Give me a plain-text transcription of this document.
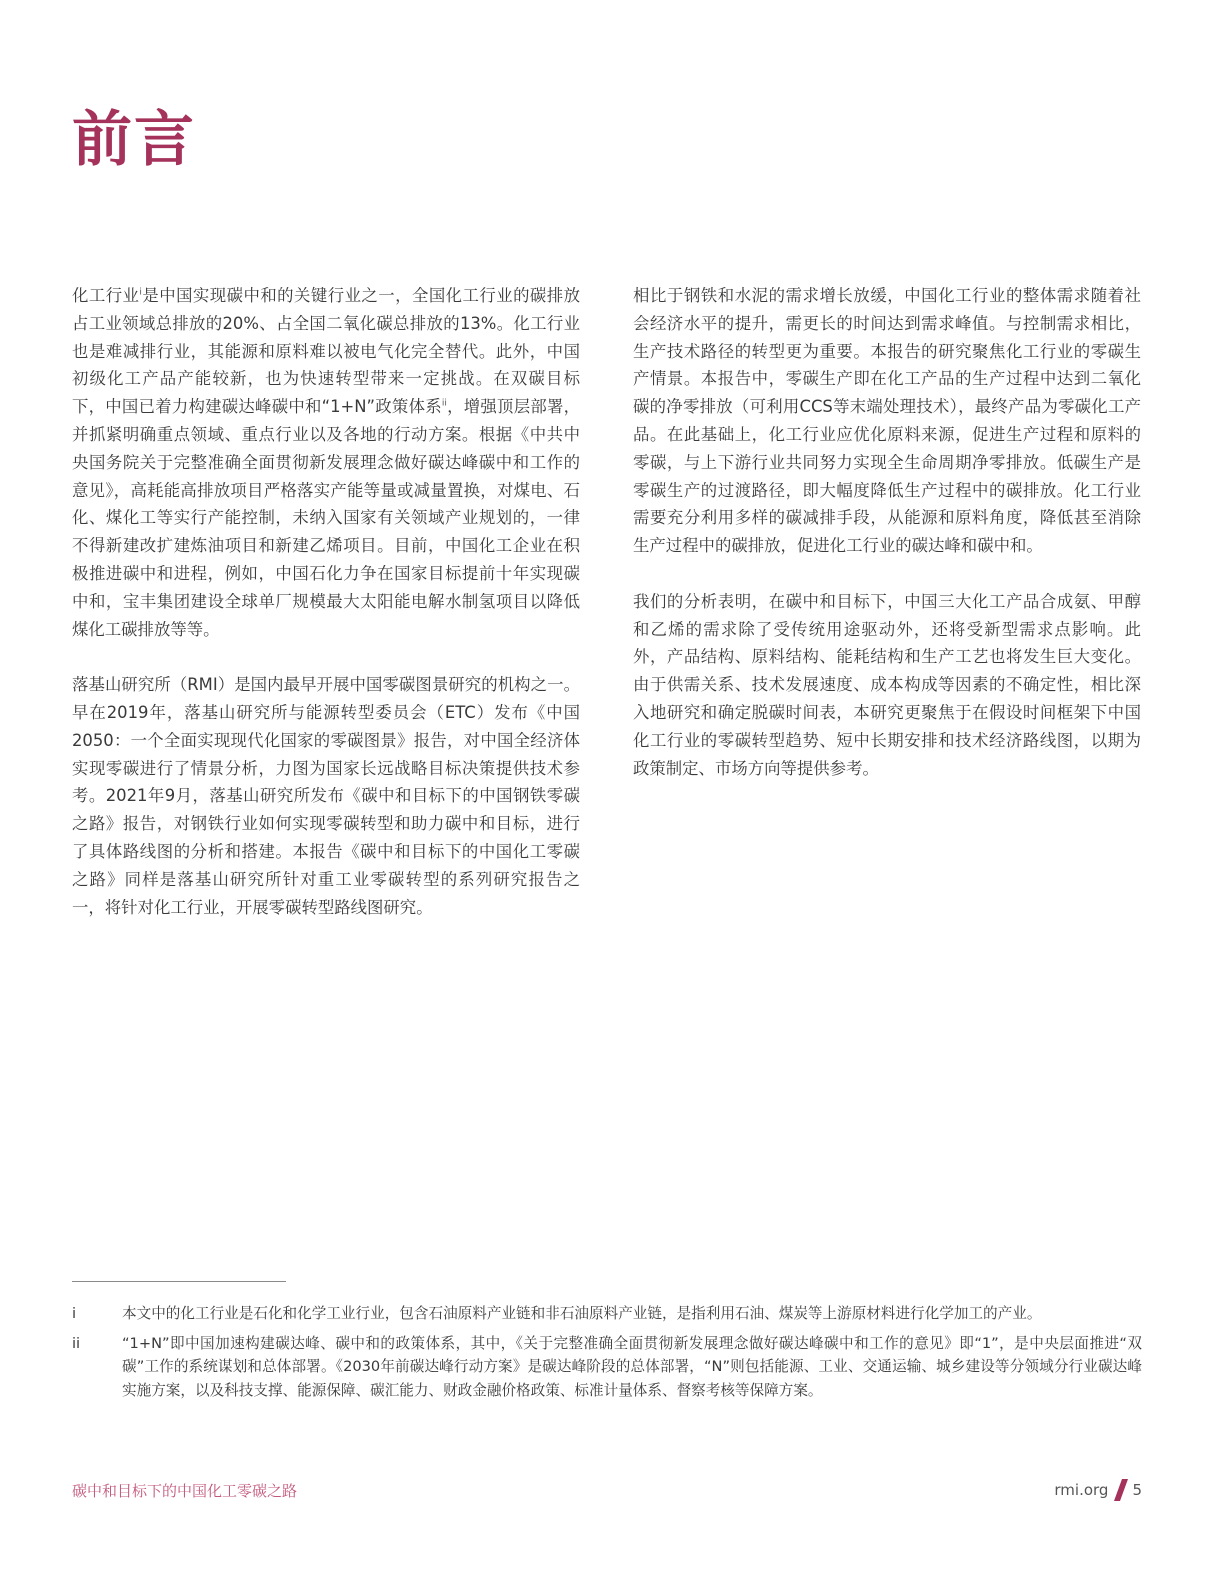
前言

化工行业$^i$是中国实现碳中和的关键行业之一，全国化工行业的碳排放占工业领域总排放的20%、占全国二氧化碳总排放的13%。化工行业也是难减排行业，其能源和原料难以被电气化完全替代。此外，中国初级化工产品产能较新，也为快速转型带来一定挑战。在双碳目标下，中国已着力构建碳达峰碳中和“1+N”政策体系$^{ii}$，增强顶层部署，并抓紧明确重点领域、重点行业以及各地的行动方案。根据《中共中央国务院关于完整准确全面贯彻新发展理念做好碳达峰碳中和工作的意见》，高耗能高排放项目严格落实产能等量或减量置换，对煤电、石化、煤化工等实行产能控制，未纳入国家有关领域产业规划的，一律不得新建改扩建炼油项目和新建乙烯项目。目前，中国化工企业在积极推进碳中和进程，例如，中国石化力争在国家目标提前十年实现碳中和，宝丰集团建设全球单厂规模最大太阳能电解水制氢项目以降低煤化工碳排放等等。

落基山研究所（RMI）是国内最早开展中国零碳图景研究的机构之一。早在2019年，落基山研究所与能源转型委员会（ETC）发布《中国2050：一个全面实现现代化国家的零碳图景》报告，对中国全经济体实现零碳进行了情景分析，力图为国家长远战略目标决策提供技术参考。2021年9月，落基山研究所发布《碳中和目标下的中国钢铁零碳之路》报告，对钢铁行业如何实现零碳转型和助力碳中和目标，进行了具体路线图的分析和搭建。本报告《碳中和目标下的中国化工零碳之路》同样是落基山研究所针对重工业零碳转型的系列研究报告之一，将针对化工行业，开展零碳转型路线图研究。

相比于钢铁和水泥的需求增长放缓，中国化工行业的整体需求随着社会经济水平的提升，需更长的时间达到需求峰值。与控制需求相比，生产技术路径的转型更为重要。本报告的研究聚焦化工行业的零碳生产情景。本报告中，零碳生产即在化工产品的生产过程中达到二氧化碳的净零排放（可利用CCS等末端处理技术），最终产品为零碳化工产品。在此基础上，化工行业应优化原料来源，促进生产过程和原料的零碳，与上下游行业共同努力实现全生命周期净零排放。低碳生产是零碳生产的过渡路径，即大幅度降低生产过程中的碳排放。化工行业需要充分利用多样的碳减排手段，从能源和原料角度，降低甚至消除生产过程中的碳排放，促进化工行业的碳达峰和碳中和。

我们的分析表明，在碳中和目标下，中国三大化工产品合成氨、甲醇和乙烯的需求除了受传统用途驱动外，还将受新型需求点影响。此外，产品结构、原料结构、能耗结构和生产工艺也将发生巨大变化。由于供需关系、技术发展速度、成本构成等因素的不确定性，相比深入地研究和确定脱碳时间表，本研究更聚焦于在假设时间框架下中国化工行业的零碳转型趋势、短中长期安排和技术经济路线图，以期为政策制定、市场方向等提供参考。

i	本文中的化工行业是石化和化学工业行业，包含石油原料产业链和非石油原料产业链，是指利用石油、煤炭等上游原材料进行化学加工的产业。
ii	“1+N”即中国加速构建碳达峰、碳中和的政策体系，其中，《关于完整准确全面贯彻新发展理念做好碳达峰碳中和工作的意见》即“1”，是中央层面推进“双碳”工作的系统谋划和总体部署。《2030年前碳达峰行动方案》是碳达峰阶段的总体部署，“N”则包括能源、工业、交通运输、城乡建设等分领域分行业碳达峰实施方案，以及科技支撑、能源保障、碳汇能力、财政金融价格政策、标准计量体系、督察考核等保障方案。
碳中和目标下的中国化工零碳之路	rmi.org 5
